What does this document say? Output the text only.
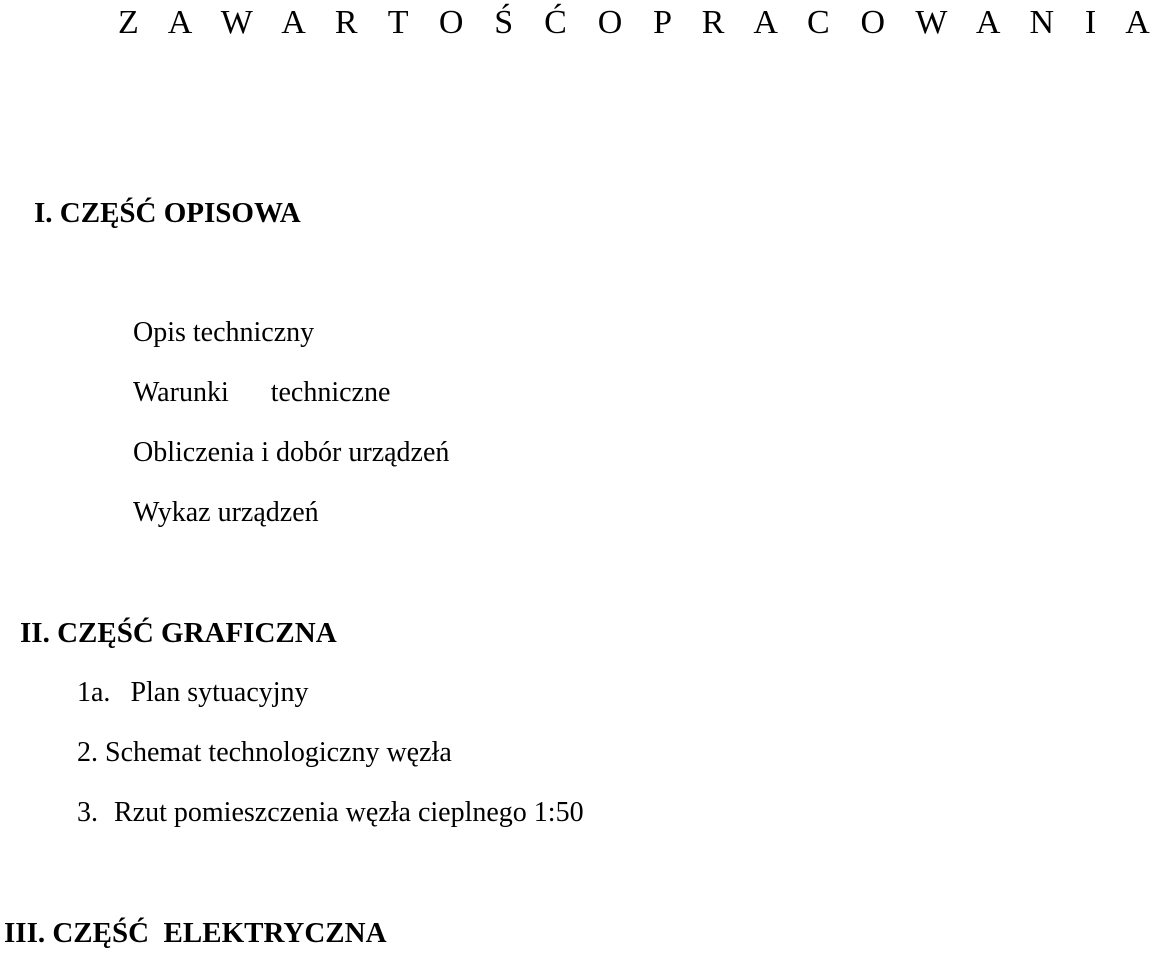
Z A W A R T O Ś Ć O P R A C O W A N I A
I. CZĘŚĆ OPISOWA
Opis techniczny
Warunki techniczne
Obliczenia i dobór urządzeń
Wykaz urządzeń
II. CZĘŚĆ GRAFICZNA
1a. Plan sytuacyjny
2. Schemat technologiczny węzła
3. Rzut pomieszczenia węzła cieplnego 1:50
III. CZĘŚĆ  ELEKTRYCZNA
